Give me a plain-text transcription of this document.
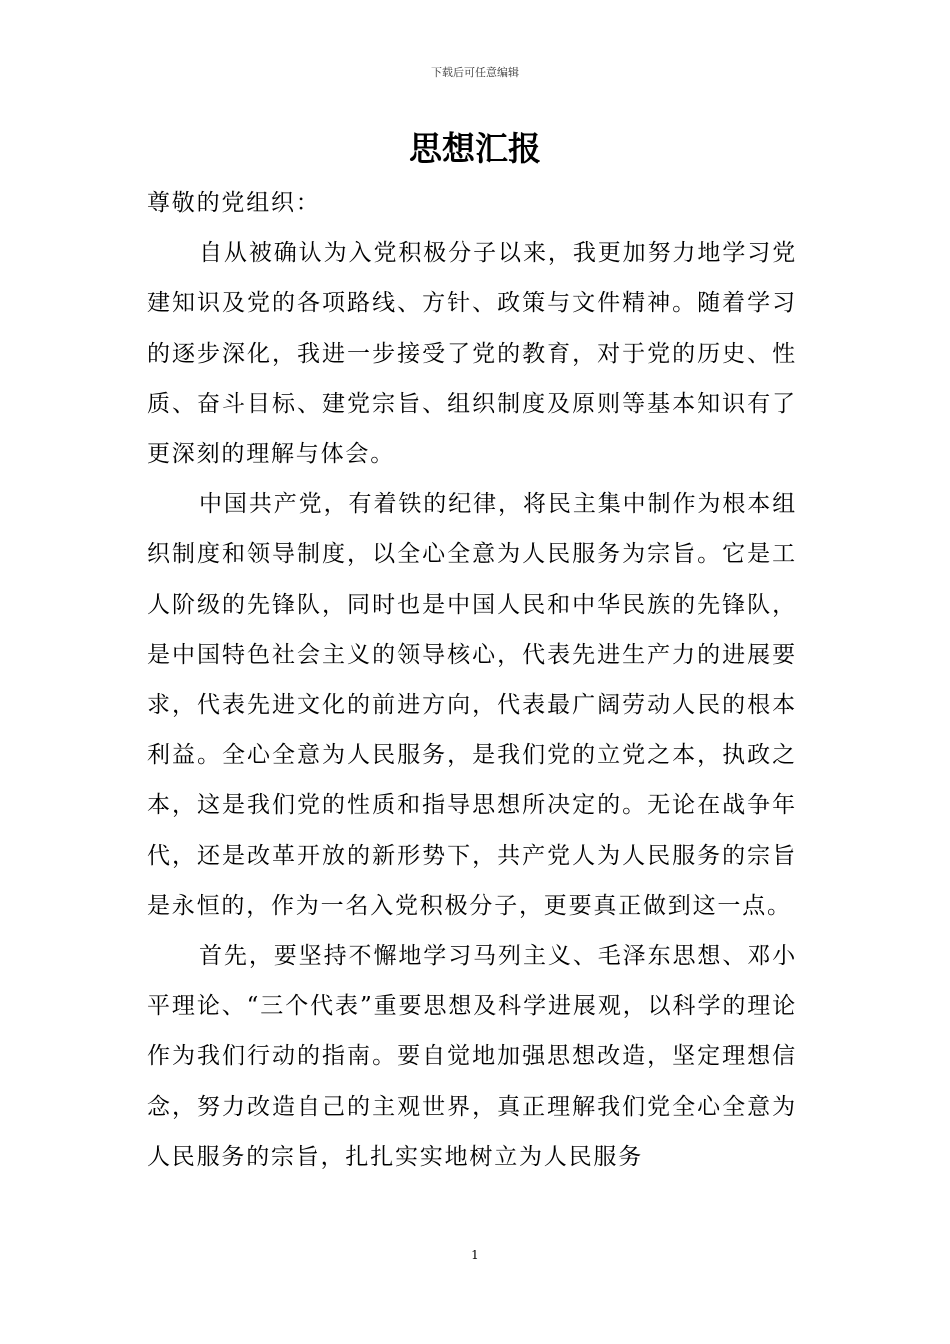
下载后可任意编辑
思想汇报

尊敬的党组织：

自从被确认为入党积极分子以来，我更加努力地学习党建知识及党的各项路线、方针、政策与文件精神。随着学习的逐步深化，我进一步接受了党的教育，对于党的历史、性质、奋斗目标、建党宗旨、组织制度及原则等基本知识有了更深刻的理解与体会。

中国共产党，有着铁的纪律，将民主集中制作为根本组织制度和领导制度，以全心全意为人民服务为宗旨。它是工人阶级的先锋队，同时也是中国人民和中华民族的先锋队，是中国特色社会主义的领导核心，代表先进生产力的进展要求，代表先进文化的前进方向，代表最广阔劳动人民的根本利益。全心全意为人民服务，是我们党的立党之本，执政之本，这是我们党的性质和指导思想所决定的。无论在战争年代，还是改革开放的新形势下，共产党人为人民服务的宗旨是永恒的，作为一名入党积极分子，更要真正做到这一点。

首先，要坚持不懈地学习马列主义、毛泽东思想、邓小平理论、“三个代表”重要思想及科学进展观，以科学的理论作为我们行动的指南。要自觉地加强思想改造，坚定理想信念，努力改造自己的主观世界，真正理解我们党全心全意为人民服务的宗旨，扎扎实实地树立为人民服务

1
